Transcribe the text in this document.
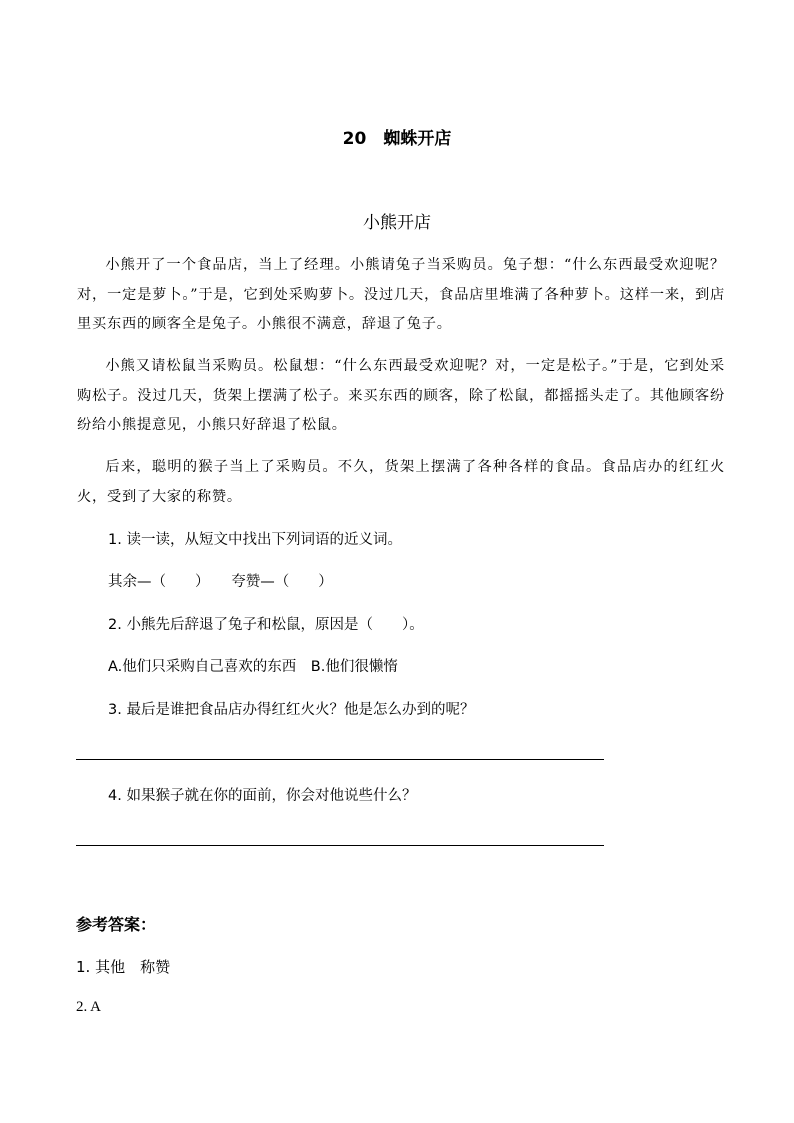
20　蜘蛛开店
小熊开店
小熊开了一个食品店，当上了经理。小熊请兔子当采购员。兔子想：“什么东西最受欢迎呢？对，一定是萝卜。”于是，它到处采购萝卜。没过几天，食品店里堆满了各种萝卜。这样一来，到店里买东西的顾客全是兔子。小熊很不满意，辞退了兔子。
小熊又请松鼠当采购员。松鼠想：“什么东西最受欢迎呢？对，一定是松子。”于是，它到处采购松子。没过几天，货架上摆满了松子。来买东西的顾客，除了松鼠，都摇摇头走了。其他顾客纷纷给小熊提意见，小熊只好辞退了松鼠。
后来，聪明的猴子当上了采购员。不久，货架上摆满了各种各样的食品。食品店办的红红火火，受到了大家的称赞。
1. 读一读，从短文中找出下列词语的近义词。
其余—（　　）　　夸赞—（　　）
2. 小熊先后辞退了兔子和松鼠，原因是（　　）。
A.他们只采购自己喜欢的东西　B.他们很懒惰
3. 最后是谁把食品店办得红红火火？他是怎么办到的呢？
4. 如果猴子就在你的面前，你会对他说些什么？
参考答案：
1. 其他　称赞
2. A
